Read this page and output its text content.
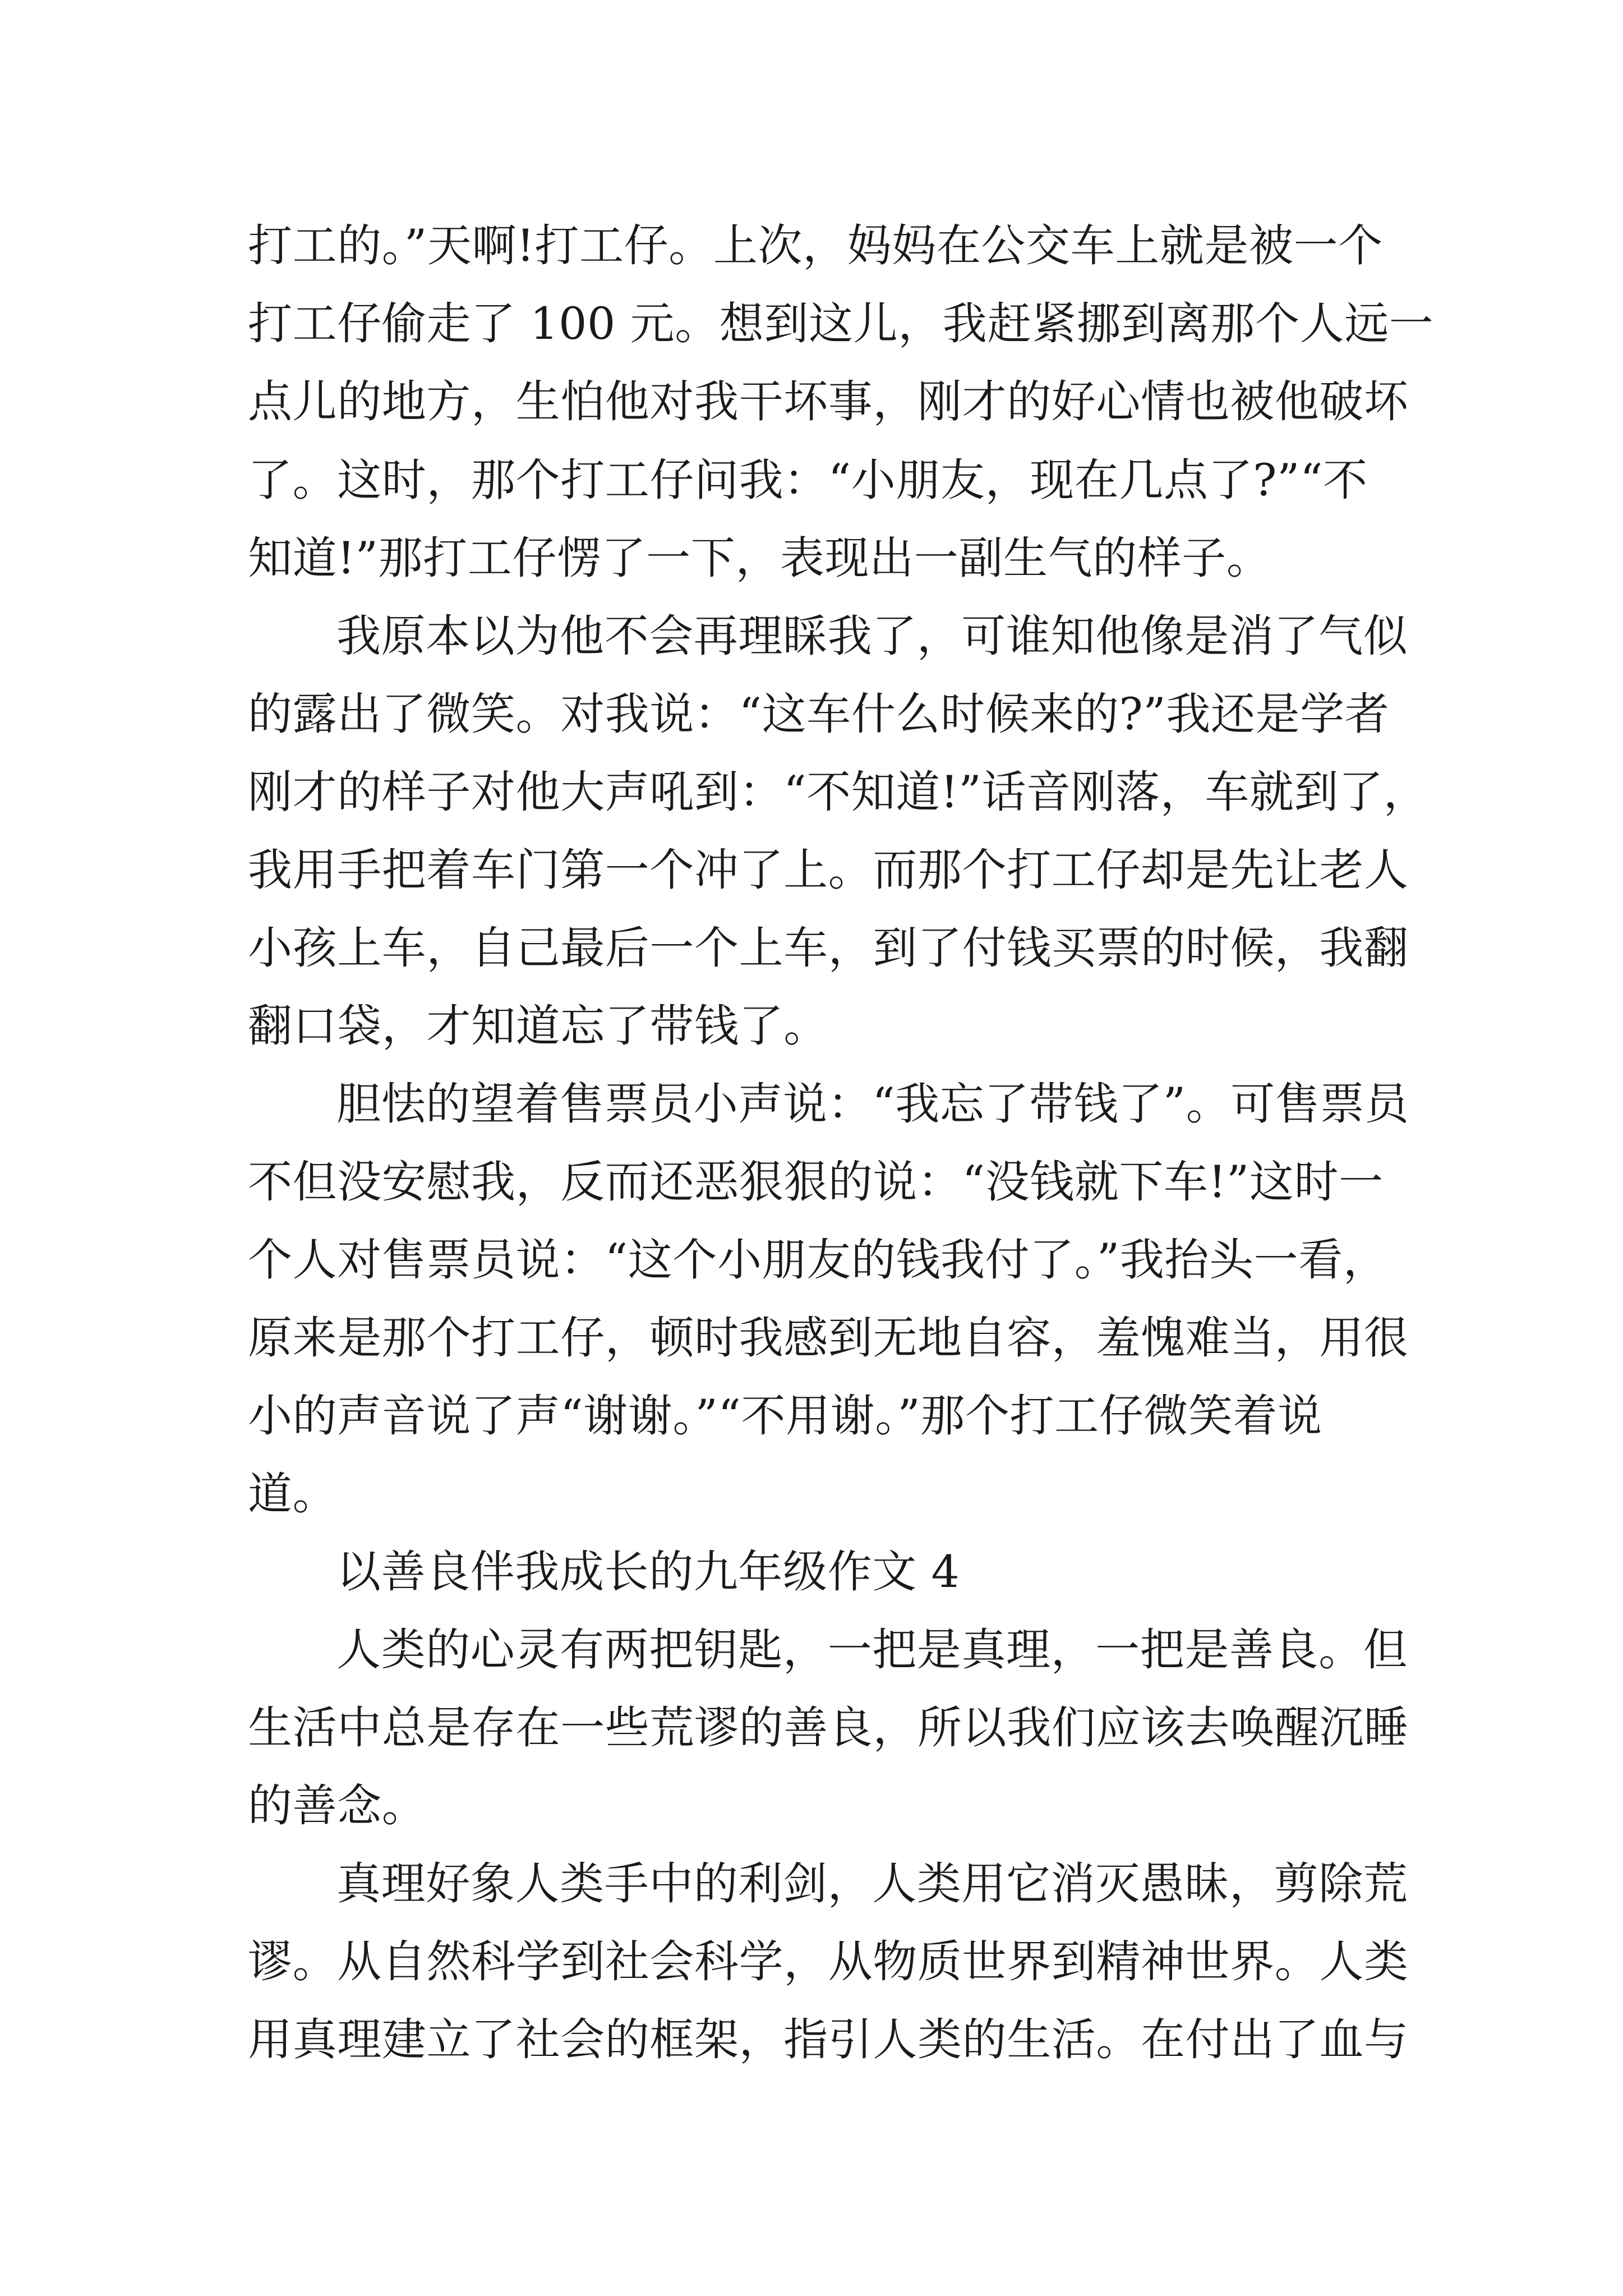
打工的。”天啊!打工仔。上次，妈妈在公交车上就是被一个

打工仔偷走了 100 元。想到这儿，我赶紧挪到离那个人远一

点儿的地方，生怕他对我干坏事，刚才的好心情也被他破坏

了。这时，那个打工仔问我：“小朋友，现在几点了?”“不

知道!”那打工仔愣了一下，表现出一副生气的样子。

我原本以为他不会再理睬我了，可谁知他像是消了气似

的露出了微笑。对我说：“这车什么时候来的?”我还是学者

刚才的样子对他大声吼到：“不知道!”话音刚落，车就到了，

我用手把着车门第一个冲了上。而那个打工仔却是先让老人

小孩上车，自己最后一个上车，到了付钱买票的时候，我翻

翻口袋，才知道忘了带钱了。

胆怯的望着售票员小声说：“我忘了带钱了”。可售票员

不但没安慰我，反而还恶狠狠的说：“没钱就下车!”这时一

个人对售票员说：“这个小朋友的钱我付了。”我抬头一看，

原来是那个打工仔，顿时我感到无地自容，羞愧难当，用很

小的声音说了声“谢谢。”“不用谢。”那个打工仔微笑着说

道。

以善良伴我成长的九年级作文 4

人类的心灵有两把钥匙，一把是真理，一把是善良。但

生活中总是存在一些荒谬的善良，所以我们应该去唤醒沉睡

的善念。

真理好象人类手中的利剑，人类用它消灭愚昧，剪除荒

谬。从自然科学到社会科学，从物质世界到精神世界。人类

用真理建立了社会的框架，指引人类的生活。在付出了血与
